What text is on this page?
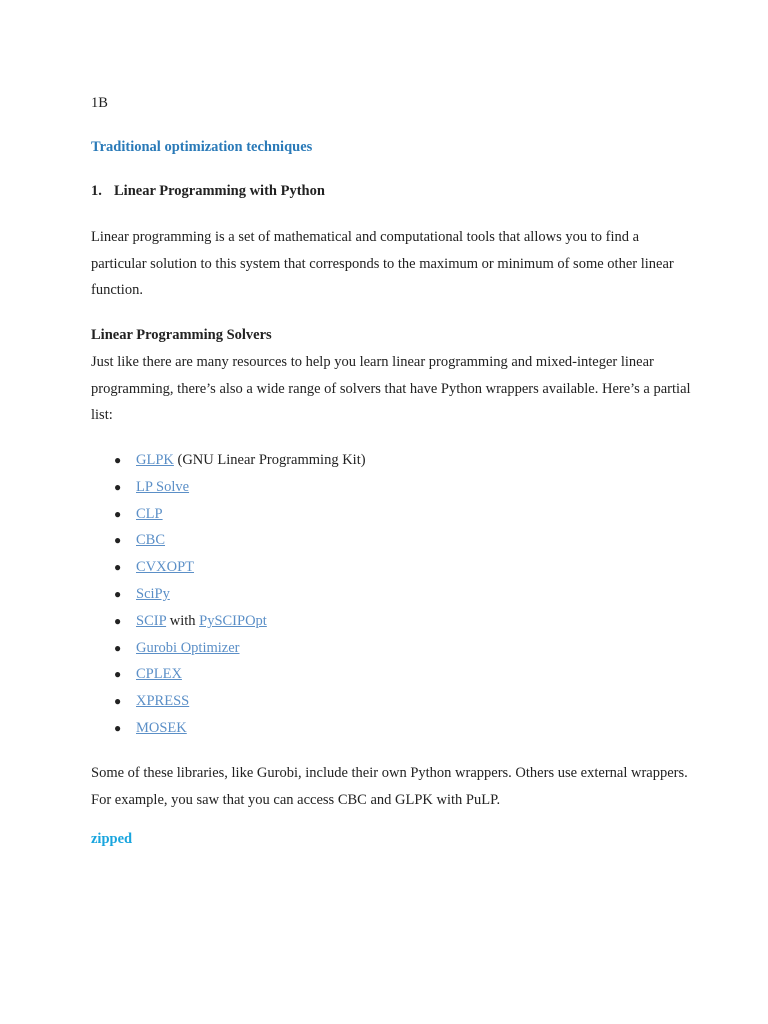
1B
Traditional optimization techniques
1. Linear Programming with Python
Linear programming is a set of mathematical and computational tools that allows you to find a particular solution to this system that corresponds to the maximum or minimum of some other linear function.
Linear Programming Solvers
Just like there are many resources to help you learn linear programming and mixed-integer linear programming, there’s also a wide range of solvers that have Python wrappers available. Here’s a partial list:
● GLPK (GNU Linear Programming Kit)
● LP Solve
● CLP
● CBC
● CVXOPT
● SciPy
● SCIP with PySCIPOpt
● Gurobi Optimizer
● CPLEX
● XPRESS
● MOSEK
Some of these libraries, like Gurobi, include their own Python wrappers. Others use external wrappers. For example, you saw that you can access CBC and GLPK with PuLP.
zipped
